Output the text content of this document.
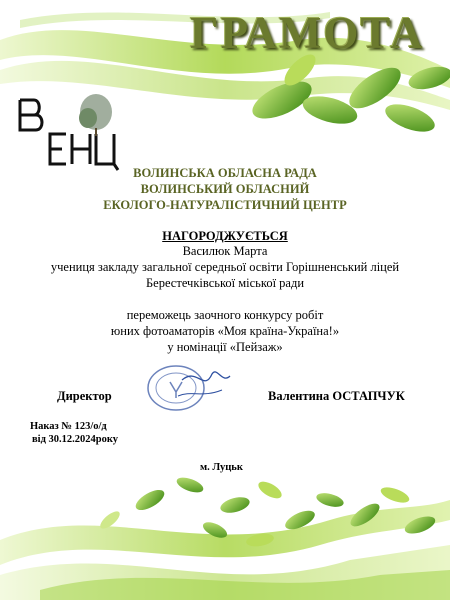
ГРАМОТА
ВОЛИНСЬКА ОБЛАСНА РАДА
ВОЛИНСЬКИЙ ОБЛАСНИЙ
ЕКОЛОГО-НАТУРАЛІСТИЧНИЙ ЦЕНТР
НАГОРОДЖУЄТЬСЯ
Василюк Марта
учениця закладу загальної середньої освіти Горішненський ліцей
Берестечківської міської ради
переможець заочного конкурсу робіт
юних фотоаматорів «Моя країна-Україна!»
у номінації «Пейзаж»
Директор	Валентина ОСТАПЧУК
Наказ № 123/о/д
від 30.12.2024року
м. Луцьк
